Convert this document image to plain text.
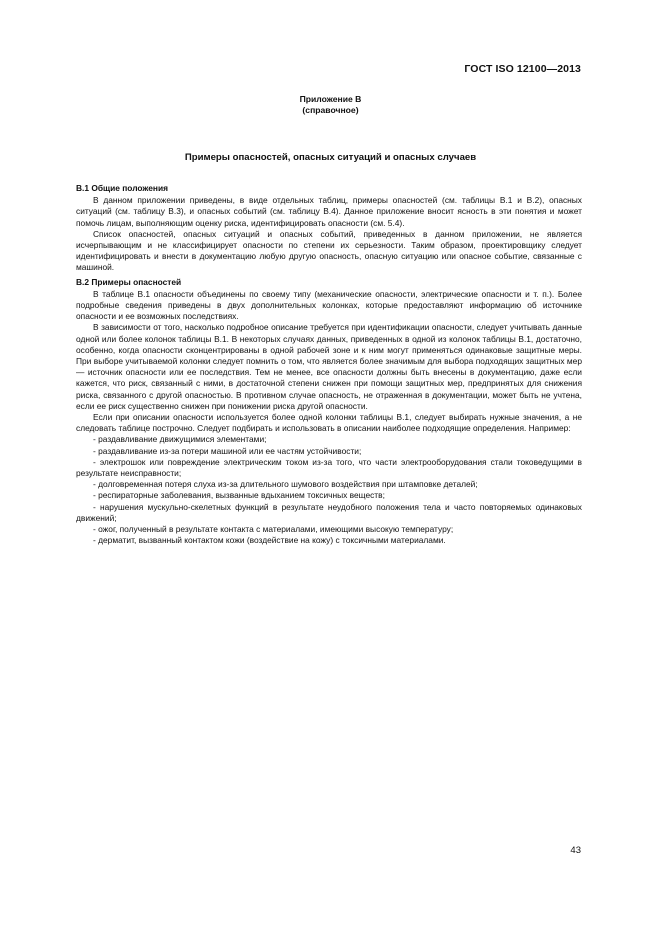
ГОСТ ISO 12100—2013
Приложение В
(справочное)
Примеры опасностей, опасных ситуаций и опасных случаев
В.1 Общие положения

В данном приложении приведены, в виде отдельных таблиц, примеры опасностей (см. таблицы В.1 и В.2), опасных ситуаций (см. таблицу В.3), и опасных событий (см. таблицу В.4). Данное приложение вносит ясность в эти понятия и может помочь лицам, выполняющим оценку риска, идентифицировать опасности (см. 5.4).

Список опасностей, опасных ситуаций и опасных событий, приведенных в данном приложении, не является исчерпывающим и не классифицирует опасности по степени их серьезности. Таким образом, проектировщику следует идентифицировать и внести в документацию любую другую опасность, опасную ситуацию или опасное событие, связанные с машиной.

В.2 Примеры опасностей

В таблице В.1 опасности объединены по своему типу (механические опасности, электрические опасности и т. п.). Более подробные сведения приведены в двух дополнительных колонках, которые предоставляют информацию об источнике опасности и ее возможных последствиях.

В зависимости от того, насколько подробное описание требуется при идентификации опасности, следует учитывать данные одной или более колонок таблицы В.1. В некоторых случаях данных, приведенных в одной из колонок таблицы В.1, достаточно, особенно, когда опасности сконцентрированы в одной рабочей зоне и к ним могут применяться одинаковые защитные меры. При выборе учитываемой колонки следует помнить о том, что является более значимым для выбора подходящих защитных мер — источник опасности или ее последствия. Тем не менее, все опасности должны быть внесены в документацию, даже если кажется, что риск, связанный с ними, в достаточной степени снижен при помощи защитных мер, предпринятых для снижения риска, связанного с другой опасностью. В противном случае опасность, не отраженная в документации, может быть не учтена, если ее риск существенно снижен при понижении риска другой опасности.

Если при описании опасности используется более одной колонки таблицы В.1, следует выбирать нужные значения, а не следовать таблице построчно. Следует подбирать и использовать в описании наиболее подходящие определения. Например:

- раздавливание движущимися элементами;
- раздавливание из-за потери машиной или ее частям устойчивости;
- электрошок или повреждение электрическим током из-за того, что части электрооборудования стали токоведущими в результате неисправности;
- долговременная потеря слуха из-за длительного шумового воздействия при штамповке деталей;
- респираторные заболевания, вызванные вдыханием токсичных веществ;
- нарушения мускульно-скелетных функций в результате неудобного положения тела и часто повторяемых одинаковых движений;
- ожог, полученный в результате контакта с материалами, имеющими высокую температуру;
- дерматит, вызванный контактом кожи (воздействие на кожу) с токсичными материалами.
43
